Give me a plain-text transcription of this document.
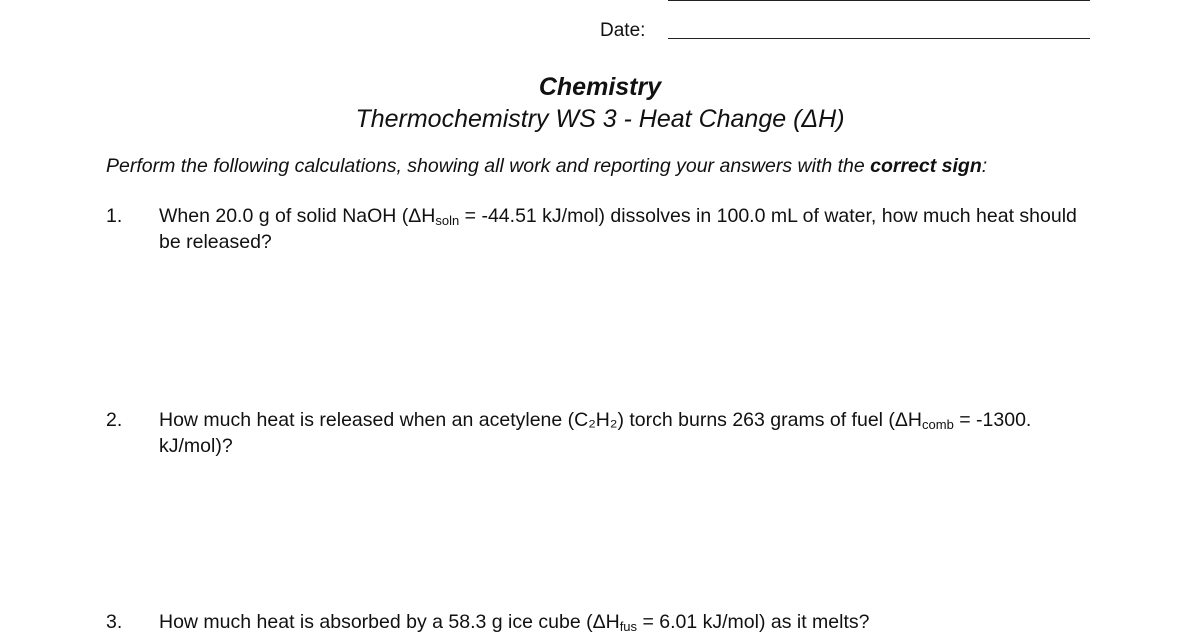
Date:
Chemistry
Thermochemistry WS 3 - Heat Change (ΔH)
Perform the following calculations, showing all work and reporting your answers with the correct sign:
1. When 20.0 g of solid NaOH ($\Delta H_{soln} = -44.51$ kJ/mol) dissolves in 100.0 mL of water, how much heat should be released?
2. How much heat is released when an acetylene (C₂H₂) torch burns 263 grams of fuel ($\Delta H_{comb} = -1300$. kJ/mol)?
3. How much heat is absorbed by a 58.3 g ice cube ($\Delta H_{fus} = 6.01$ kJ/mol) as it melts?
